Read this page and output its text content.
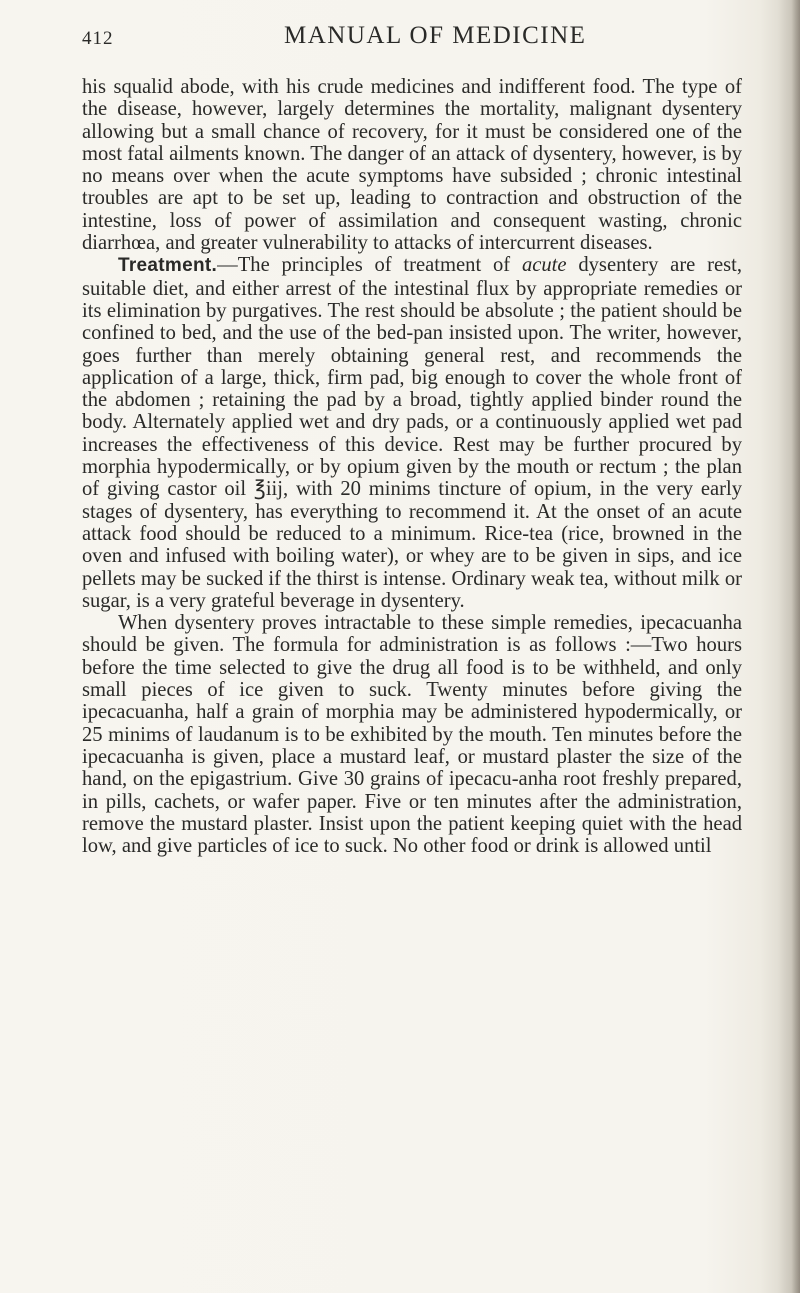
412	MANUAL OF MEDICINE

his squalid abode, with his crude medicines and indifferent food. The type of the disease, however, largely determines the mortality, malignant dysentery allowing but a small chance of recovery, for it must be considered one of the most fatal ailments known. The danger of an attack of dysentery, however, is by no means over when the acute symptoms have subsided ; chronic intestinal troubles are apt to be set up, leading to contraction and obstruction of the intestine, loss of power of assimilation and consequent wasting, chronic diarrhœa, and greater vulnerability to attacks of intercurrent diseases.

Treatment.—The principles of treatment of acute dysentery are rest, suitable diet, and either arrest of the intestinal flux by appropriate remedies or its elimination by purgatives. The rest should be absolute ; the patient should be confined to bed, and the use of the bed-pan insisted upon. The writer, however, goes further than merely obtaining general rest, and recommends the application of a large, thick, firm pad, big enough to cover the whole front of the abdomen ; retaining the pad by a broad, tightly applied binder round the body. Alternately applied wet and dry pads, or a continuously applied wet pad increases the effectiveness of this device. Rest may be further procured by morphia hypodermically, or by opium given by the mouth or rectum ; the plan of giving castor oil ℥iij, with 20 minims tincture of opium, in the very early stages of dysentery, has everything to recommend it. At the onset of an acute attack food should be reduced to a minimum. Rice-tea (rice, browned in the oven and infused with boiling water), or whey are to be given in sips, and ice pellets may be sucked if the thirst is intense. Ordinary weak tea, without milk or sugar, is a very grateful beverage in dysentery.

When dysentery proves intractable to these simple remedies, ipecacuanha should be given. The formula for administration is as follows :—Two hours before the time selected to give the drug all food is to be withheld, and only small pieces of ice given to suck. Twenty minutes before giving the ipecacuanha, half a grain of morphia may be administered hypodermically, or 25 minims of laudanum is to be exhibited by the mouth. Ten minutes before the ipecacuanha is given, place a mustard leaf, or mustard plaster the size of the hand, on the epigastrium. Give 30 grains of ipecacu-anha root freshly prepared, in pills, cachets, or wafer paper. Five or ten minutes after the administration, remove the mustard plaster. Insist upon the patient keeping quiet with the head low, and give particles of ice to suck. No other food or drink is allowed until
